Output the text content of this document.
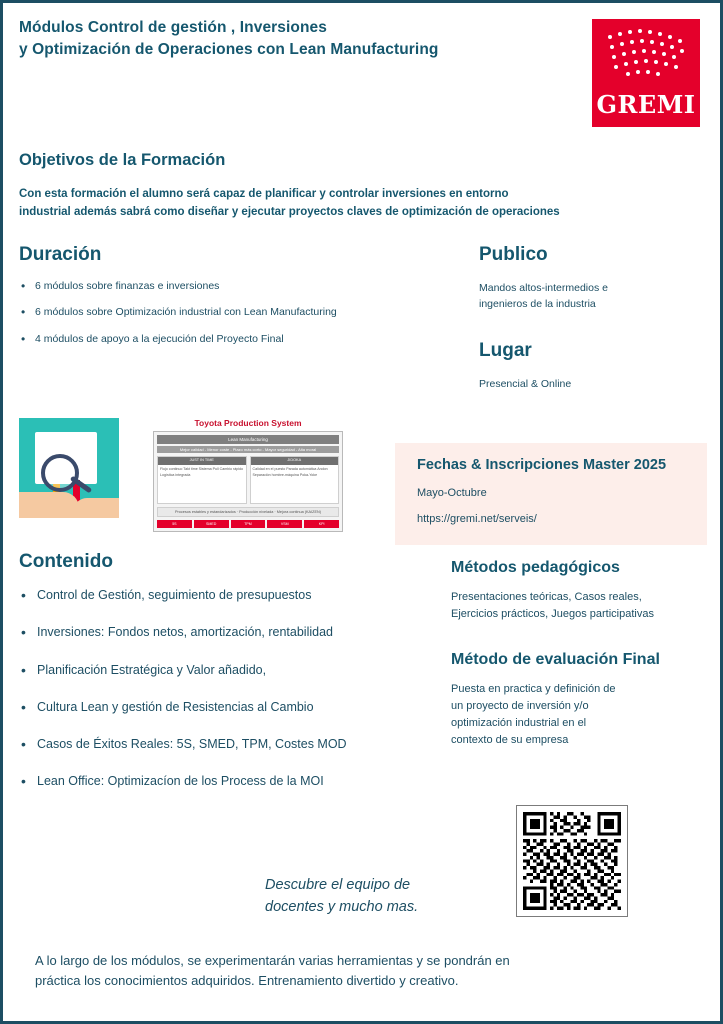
Módulos Control de gestión , Inversiones
y Optimización de Operaciones con Lean Manufacturing
GREMI
Objetivos de la Formación
Con esta formación el alumno será capaz de planificar y controlar inversiones en entorno
industrial además sabrá como diseñar y ejecutar proyectos claves de optimización de operaciones
Duración
• 6 módulos sobre finanzas e inversiones
• 6 módulos sobre Optimización industrial con Lean Manufacturing
• 4 módulos de apoyo a la ejecución del Proyecto Final
Publico
Mandos altos-intermedios e
ingenieros de la industria
Lugar
Presencial & Online
Toyota Production System
Lean Manufacturing
Mejor calidad - Menor coste - Plazo más corto - Mayor seguridad - Alta moral
JUST IN TIME
Flujo continuo Takt time Sistema Pull Cambio rápido Logística integrada
JIDOKA
Calidad en el puesto Parada automática Andon Separación hombre-máquina Poka-Yoke
Procesos estables y estandarizados · Producción nivelada · Mejora continua (KAIZEN)
5S	SMED	TPM	VSM	KPI
Fechas & Inscripciones Master 2025
Mayo-Octubre
https://gremi.net/serveis/
Contenido
• Control de Gestión, seguimiento de presupuestos
• Inversiones: Fondos netos, amortización, rentabilidad
• Planificación Estratégica y Valor añadido,
• Cultura Lean y gestión de Resistencias al Cambio
• Casos de Éxitos Reales: 5S, SMED, TPM, Costes MOD
• Lean Office: Optimizacíon de los Process de la MOI
Métodos pedagógicos
Presentaciones teóricas, Casos reales,
Ejercicios prácticos, Juegos participativas
Método de evaluación Final
Puesta en practica y definición de
un proyecto de inversión y/o
optimización industrial en el
contexto de su empresa
Descubre el equipo de
docentes y mucho mas.
A lo largo de los módulos, se experimentarán varias herramientas y se pondrán en
práctica los conocimientos adquiridos. Entrenamiento divertido y creativo.
